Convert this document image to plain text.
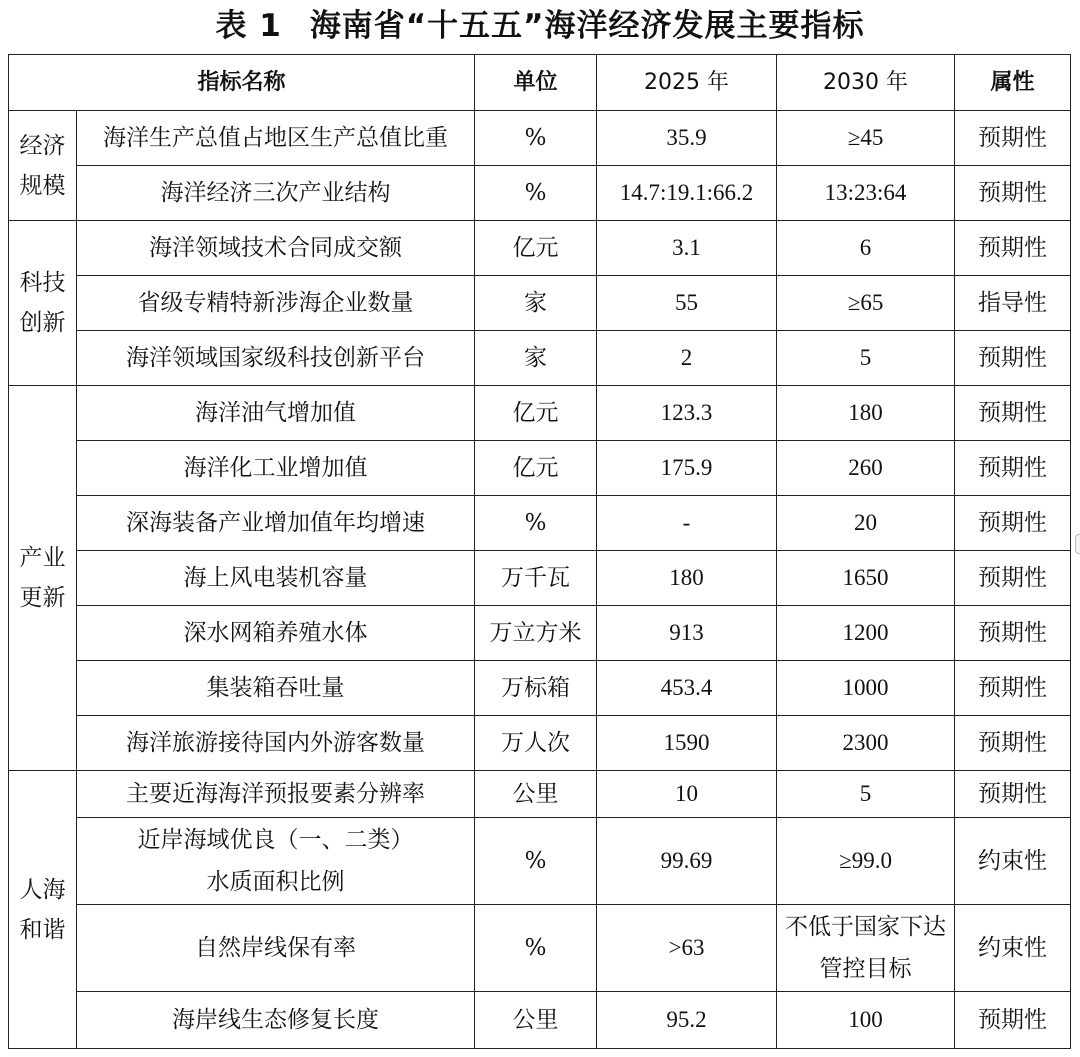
表 1 海南省“十五五”海洋经济发展主要指标
指标名称		单位	2025 年	2030 年	属性
经济规模	海洋生产总值占地区生产总值比重	%	35.9	≥45	预期性
	海洋经济三次产业结构	%	14.7:19.1:66.2	13:23:64	预期性
科技创新	海洋领域技术合同成交额	亿元	3.1	6	预期性
	省级专精特新涉海企业数量	家	55	≥65	指导性
	海洋领域国家级科技创新平台	家	2	5	预期性
产业更新	海洋油气增加值	亿元	123.3	180	预期性
	海洋化工业增加值	亿元	175.9	260	预期性
	深海装备产业增加值年均增速	%	-	20	预期性
	海上风电装机容量	万千瓦	180	1650	预期性
	深水网箱养殖水体	万立方米	913	1200	预期性
	集装箱吞吐量	万标箱	453.4	1000	预期性
	海洋旅游接待国内外游客数量	万人次	1590	2300	预期性
人海和谐	主要近海海洋预报要素分辨率	公里	10	5	预期性
	近岸海域优良（一、二类）水质面积比例	%	99.69	≥99.0	约束性
	自然岸线保有率	%	>63	不低于国家下达管控目标	约束性
	海岸线生态修复长度	公里	95.2	100	预期性
